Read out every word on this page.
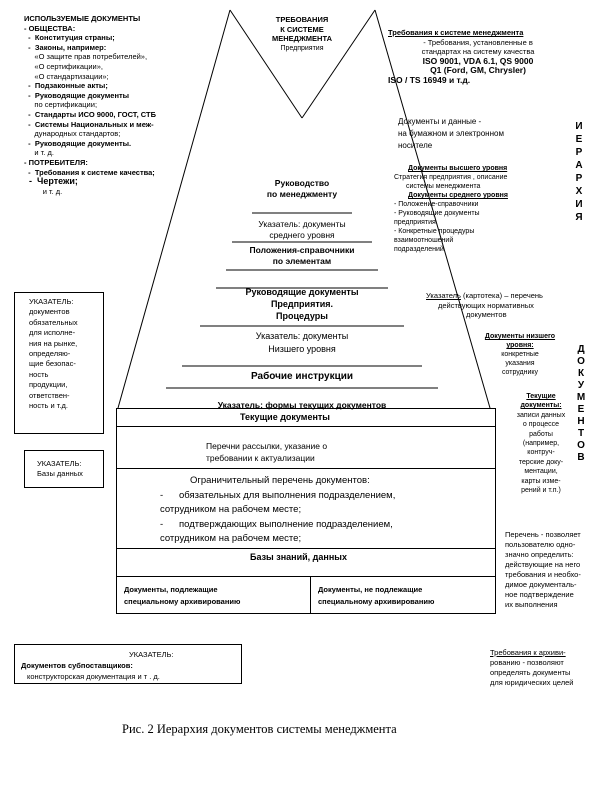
ИСПОЛЬЗУЕМЫЕ ДОКУМЕНТЫ
- ОБЩЕСТВА:
-  Конституция страны;
-  Законы, например:
«О защите прав потребителей»,
«О сертификации»,
«О стандартизации»;
-  Подзаконные акты;
-  Руководящие документы
по сертификации;
-  Стандарты ИСО 9000, ГОСТ, СТБ
-  Системы Национальных и меж-
дународных стандартов;
-  Руководящие документы.
и т. д.
- ПОТРЕБИТЕЛЯ:
-  Требования к системе качества;
-  Чертежи;
и т. д.
ТРЕБОВАНИЯ
К СИСТЕМЕ
МЕНЕДЖМЕНТА
Предприятия
Требования к системе менеджмента
- Требования, установленные в
стандартах на систему качества
ISO 9001, VDA 6.1, QS 9000
Q1 (Ford, GM, Chrysler)
ISO / TS 16949 и т.д.
Документы и данные -
на бумажном и электронном
носителе
И
Е
Р
А
Р
Х
И
Я
Документы высшего уровня
Стратегия предприятия , описание
системы менеджмента
Документы среднего уровня
- Положение-справочники
- Руководящие документы
предприятия
- Конкретные процедуры
взаимоотношений
подразделений
Указатель (картотека) – перечень
действующих нормативных
документов
Документы низшего
уровня:
конкретные
указания
сотруднику
Д
О
К
У
М
Е
Н
Т
О
В
Текущие
документы:
записи данных
о процессе
работы
(например,
контруч-
терские доку-
ментации,
карты изме-
рений и т.п.)
Перечень - позволяет
пользователю одно-
значно определить:
действующие на него
требования и необхо-
димое документаль-
ное подтверждение
их выполнения
Требования к архиви-
рованию - позволяют
определять документы
для юридических целей
УКАЗАТЕЛЬ:
документов
обязательных
для исполне-
ния на рынке,
определяю-
щие безопас-
ность
продукции,
ответствен-
ность и т.д.
УКАЗАТЕЛЬ:
Базы данных
Руководство
по менеджменту
Указатель: документы
среднего уровня
Положения-справочники
по элементам
Руководящие документы
Предприятия.
Процедуры
Указатель: документы
Низшего уровня
Рабочие инструкции
Указатель: формы текущих документов
Текущие документы
Перечни рассылки, указание о
требовании к актуализации
Ограничительный перечень документов:
-      обязательных для выполнения подразделением,
сотрудником на рабочем месте;
-      подтверждающих выполнение подразделением,
сотрудником на рабочем месте;
Базы знаний, данных
Документы, подлежащие
специальному архивированию
Документы, не подлежащие
специальному архивированию
УКАЗАТЕЛЬ:
Документов субпоставщиков:
конструкторская документация и т . д.
Рис. 2 Иерархия документов системы менеджмента
